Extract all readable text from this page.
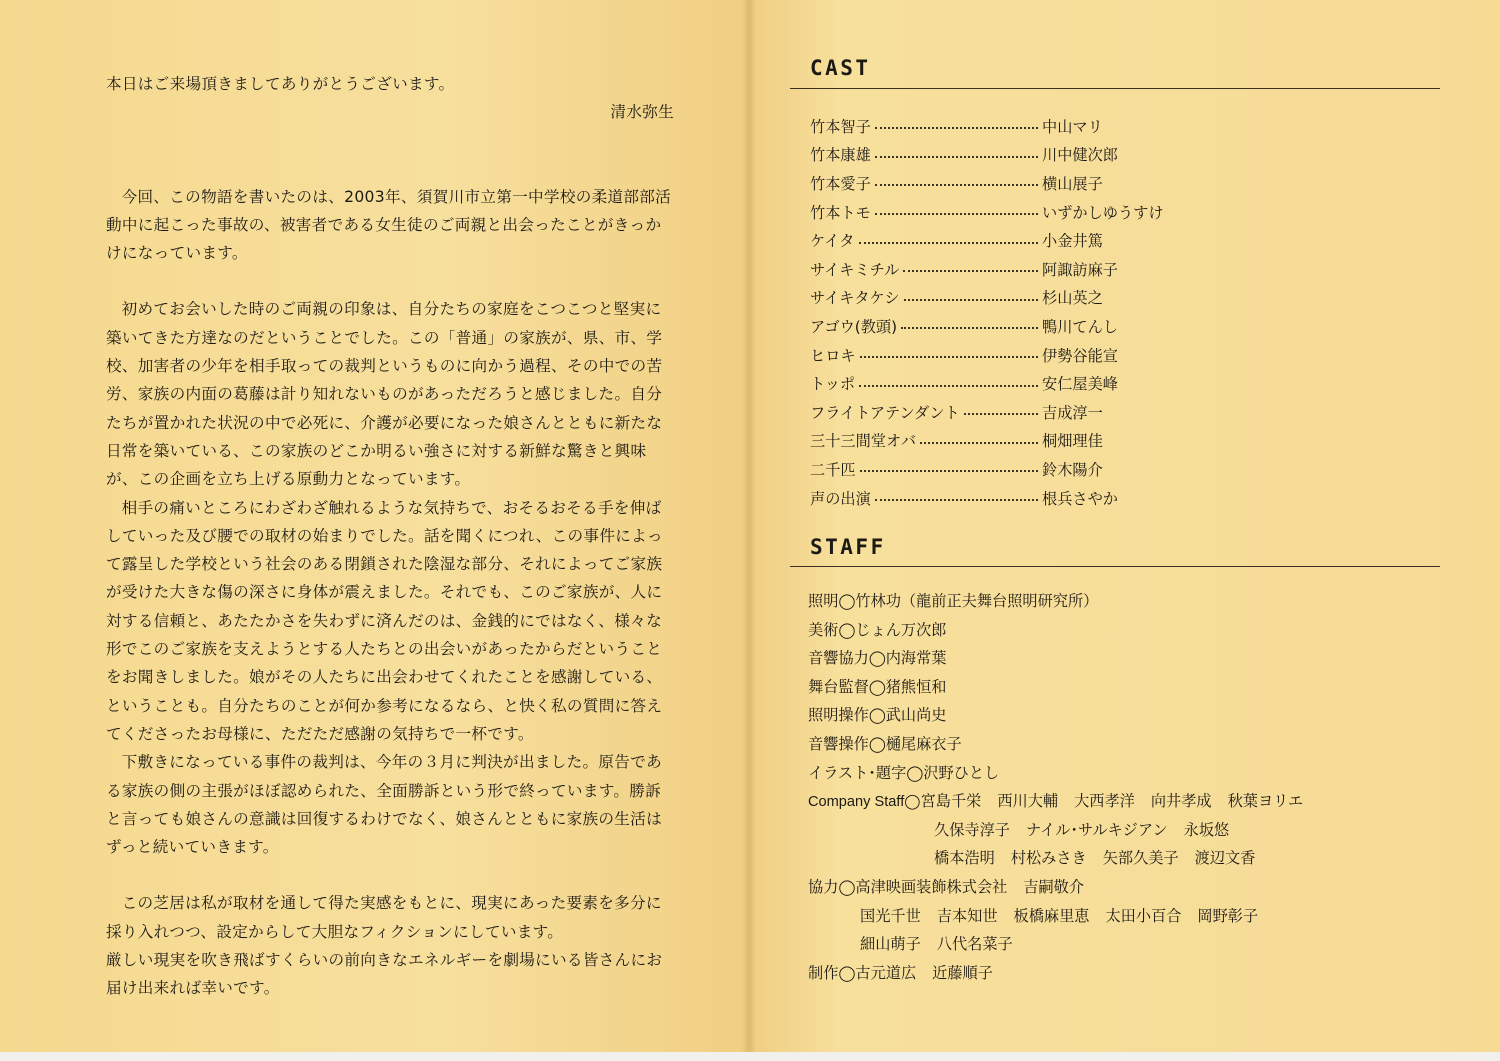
本日はご来場頂きましてありがとうございます。

清水弥生

今回、この物語を書いたのは、2003年、須賀川市立第一中学校の柔道部部活動中に起こった事故の、被害者である女生徒のご両親と出会ったことがきっかけになっています。

初めてお会いした時のご両親の印象は、自分たちの家庭をこつこつと堅実に築いてきた方達なのだということでした。この「普通」の家族が、県、市、学校、加害者の少年を相手取っての裁判というものに向かう過程、その中での苦労、家族の内面の葛藤は計り知れないものがあっただろうと感じました。自分たちが置かれた状況の中で必死に、介護が必要になった娘さんとともに新たな日常を築いている、この家族のどこか明るい強さに対する新鮮な驚きと興味が、この企画を立ち上げる原動力となっています。

相手の痛いところにわざわざ触れるような気持ちで、おそるおそる手を伸ばしていった及び腰での取材の始まりでした。話を聞くにつれ、この事件によって露呈した学校という社会のある閉鎖された陰湿な部分、それによってご家族が受けた大きな傷の深さに身体が震えました。それでも、このご家族が、人に対する信頼と、あたたかさを失わずに済んだのは、金銭的にではなく、様々な形でこのご家族を支えようとする人たちとの出会いがあったからだということをお聞きしました。娘がその人たちに出会わせてくれたことを感謝している、ということも。自分たちのことが何か参考になるなら、と快く私の質問に答えてくださったお母様に、ただただ感謝の気持ちで一杯です。

下敷きになっている事件の裁判は、今年の３月に判決が出ました。原告である家族の側の主張がほぼ認められた、全面勝訴という形で終っています。勝訴と言っても娘さんの意識は回復するわけでなく、娘さんとともに家族の生活はずっと続いていきます。

この芝居は私が取材を通して得た実感をもとに、現実にあった要素を多分に採り入れつつ、設定からして大胆なフィクションにしています。

厳しい現実を吹き飛ばすくらいの前向きなエネルギーを劇場にいる皆さんにお届け出来れば幸いです。

CAST
竹本智子	中山マリ
竹本康雄	川中健次郎
竹本愛子	横山展子
竹本トモ	いずかしゆうすけ
ケイタ	小金井篤
サイキミチル	阿諏訪麻子
サイキタケシ	杉山英之
アゴウ(教頭)	鴨川てんし
ヒロキ	伊勢谷能宣
トッポ	安仁屋美峰
フライトアテンダント	吉成淳一
三十三間堂オバ	桐畑理佳
二千匹	鈴木陽介
声の出演	根兵さやか
STAFF
照明◯竹林功（龍前正夫舞台照明研究所）
美術◯じょん万次郎
音響協力◯内海常葉
舞台監督◯猪熊恒和
照明操作◯武山尚史
音響操作◯樋尾麻衣子
イラスト･題字◯沢野ひとし
Company Staff◯宮島千栄 西川大輔 大西孝洋 向井孝成 秋葉ヨリエ
久保寺淳子 ナイル･サルキジアン 永坂悠
橋本浩明 村松みさき 矢部久美子 渡辺文香
協力◯高津映画装飾株式会社 吉嗣敬介
国光千世 吉本知世 板橋麻里恵 太田小百合 岡野彰子
細山萌子 八代名菜子
制作◯古元道広 近藤順子
